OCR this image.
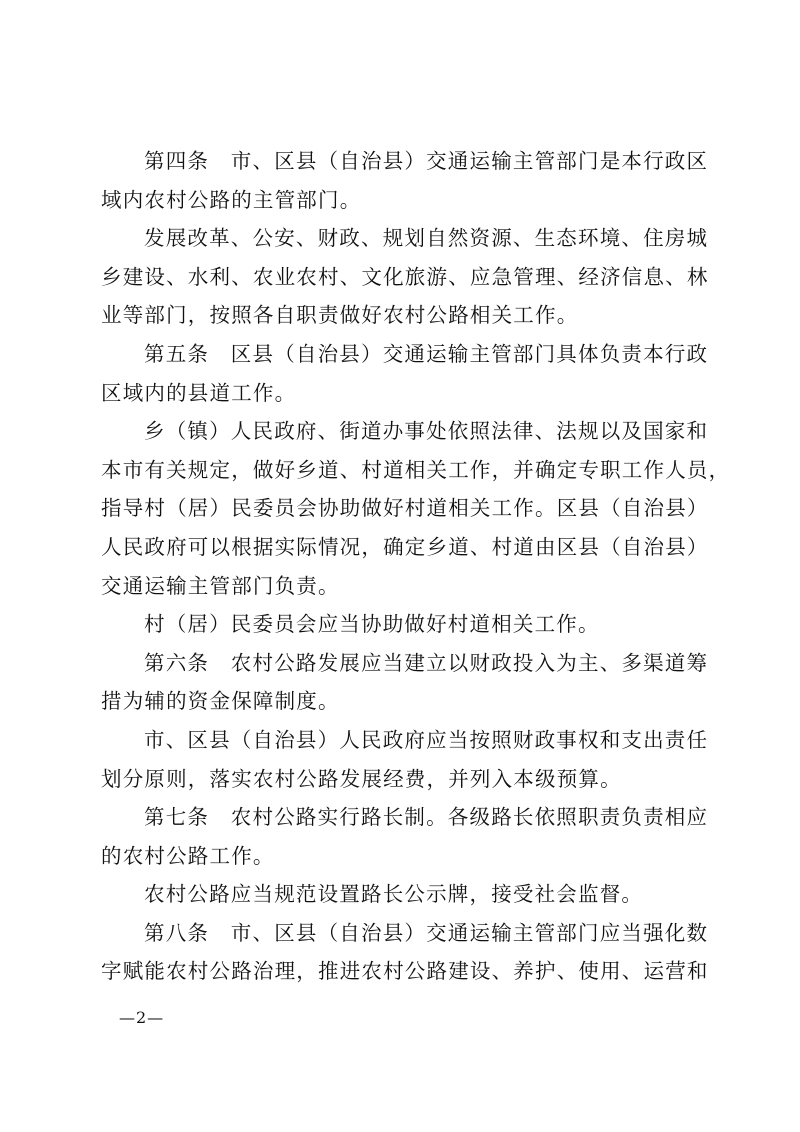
第四条　市、区县（自治县）交通运输主管部门是本行政区
域内农村公路的主管部门。
发展改革、公安、财政、规划自然资源、生态环境、住房城
乡建设、水利、农业农村、文化旅游、应急管理、经济信息、林
业等部门，按照各自职责做好农村公路相关工作。
第五条　区县（自治县）交通运输主管部门具体负责本行政
区域内的县道工作。
乡（镇）人民政府、街道办事处依照法律、法规以及国家和
本市有关规定，做好乡道、村道相关工作，并确定专职工作人员，
指导村（居）民委员会协助做好村道相关工作。区县（自治县）
人民政府可以根据实际情况，确定乡道、村道由区县（自治县）
交通运输主管部门负责。
村（居）民委员会应当协助做好村道相关工作。
第六条　农村公路发展应当建立以财政投入为主、多渠道筹
措为辅的资金保障制度。
市、区县（自治县）人民政府应当按照财政事权和支出责任
划分原则，落实农村公路发展经费，并列入本级预算。
第七条　农村公路实行路长制。各级路长依照职责负责相应
的农村公路工作。
农村公路应当规范设置路长公示牌，接受社会监督。
第八条　市、区县（自治县）交通运输主管部门应当强化数
字赋能农村公路治理，推进农村公路建设、养护、使用、运营和
—2—
